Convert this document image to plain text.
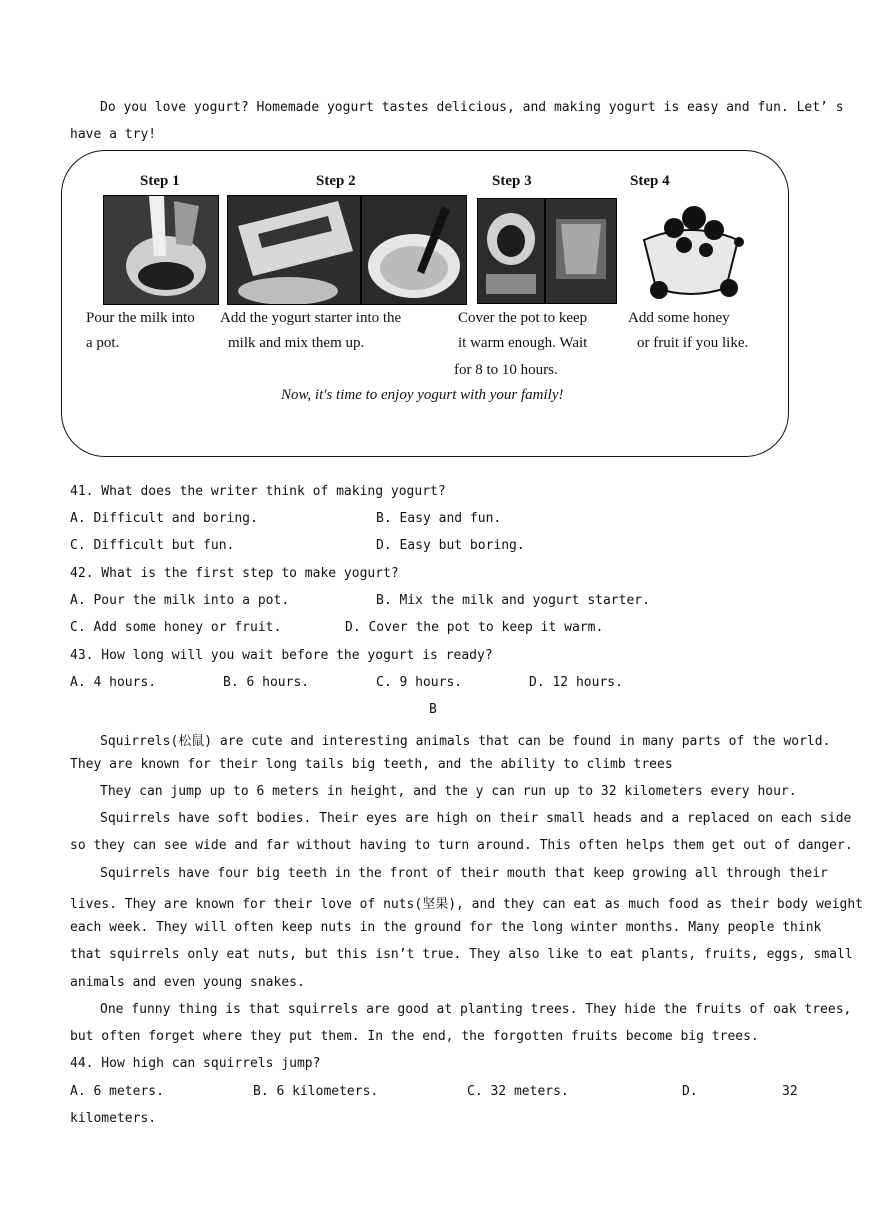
Do you love yogurt? Homemade yogurt tastes delicious, and making yogurt is easy and fun. Let’ s
have a try!
Step 1	Step 2	Step 3	Step 4
Pour the milk into
a pot.
Add the yogurt starter into the
milk and mix them up.
Cover the pot to keep
it warm enough. Wait
for 8 to 10 hours.
Add some honey
or fruit if you like.
Now, it's time to enjoy yogurt with your family!
41. What does the writer think of making yogurt?
A. Difficult and boring.	B. Easy and fun.
C. Difficult but fun.	D. Easy but boring.
42. What is the first step to make yogurt?
A. Pour the milk into a pot.	B. Mix the milk and yogurt starter.
C. Add some honey or fruit.	D. Cover the pot to keep it warm.
43. How long will you wait before the yogurt is ready?
A. 4 hours.	B. 6 hours.	C. 9 hours.	D. 12 hours.
B
Squirrels(松鼠) are cute and interesting animals that can be found in many parts of the world.
They are known for their long tails big teeth, and the ability to climb trees
They can jump up to 6 meters in height, and the y can run up to 32 kilometers every hour.
Squirrels have soft bodies. Their eyes are high on their small heads and a replaced on each side
so they can see wide and far without having to turn around. This often helps them get out of danger.
Squirrels have four big teeth in the front of their mouth that keep growing all through their
lives. They are known for their love of nuts(坚果), and they can eat as much food as their body weight
each week. They will often keep nuts in the ground for the long winter months. Many people think
that squirrels only eat nuts, but this isn’t true. They also like to eat plants, fruits, eggs, small
animals and even young snakes.
One funny thing is that squirrels are good at planting trees. They hide the fruits of oak trees,
but often forget where they put them. In the end, the forgotten fruits become big trees.
44. How high can squirrels jump?
A. 6 meters.	B. 6 kilometers.	C. 32 meters.	D.	32
kilometers.
